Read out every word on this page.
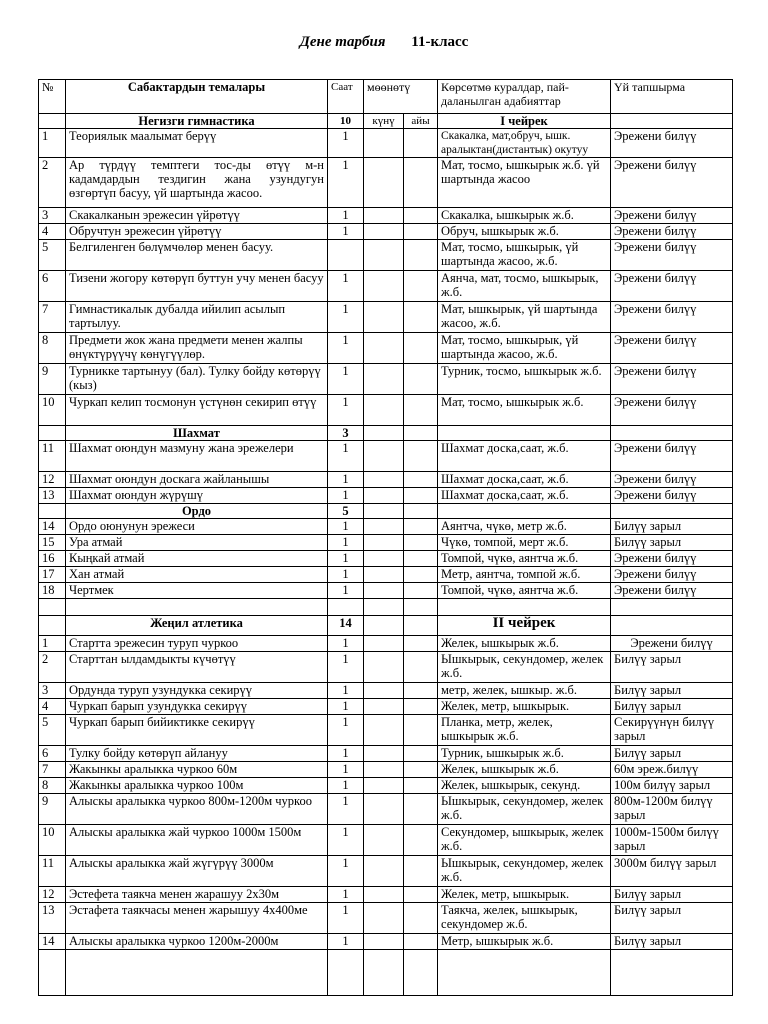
Дене тарбия 11-класс
№	Сабактардын темалары	Саат	мөөнөтү		Көрсөтмө куралдар, пай-даланылган адабияттар	Үй тапшырма
	Негизги гимнастика	10	күнү	айы	I чейрек	
1	Теориялык маалымат берүү	1			Скакалка, мат,обруч, ышк. аралыктан(дистантык) окутуу	Эрежени билүү
2	Ар түрдүү темптеги тос-ды өтүү м-н кадамдардын тездигин жана узундугун өзгөртүп басуу, үй шартында жасоо.	1			Мат, тосмо, ышкырык ж.б. үй шартында жасоо	Эрежени билүү
3	Скакалканын эрежесин үйрөтүү	1			Скакалка, ышкырык ж.б.	Эрежени билүү
4	Обручтун эрежесин үйрөтүү	1			Обруч, ышкырык ж.б.	Эрежени билүү
5	Белгиленген бөлүмчөлөр менен басуу.				Мат, тосмо, ышкырык, үй шартында жасоо, ж.б.	Эрежени билүү
6	Тизени жогору көтөрүп буттун учу менен басуу	1			Аянча, мат, тосмо, ышкырык, ж.б.	Эрежени билүү
7	Гимнастикалык дубалда ийилип асылып тартылуу.	1			Мат, ышкырык, үй шартында жасоо, ж.б.	Эрежени билүү
8	Предмети жок жана предмети менен жалпы өнүктүрүүчү көнүгүүлөр.	1			Мат, тосмо, ышкырык, үй шартында жасоо, ж.б.	Эрежени билүү
9	Турникке тартынуу (бал). Тулку бойду көтөрүү (кыз)	1			Турник, тосмо, ышкырык ж.б.	Эрежени билүү
10	Чуркап келип тосмонун үстүнөн секирип өтүү	1			Мат, тосмо, ышкырык ж.б.	Эрежени билүү
	Шахмат	3				
11	Шахмат оюндун мазмуну жана эрежелери	1			Шахмат доска,саат, ж.б.	Эрежени билүү
12	Шахмат оюндун доскага жайланышы	1			Шахмат доска,саат, ж.б.	Эрежени билүү
13	Шахмат оюндун жүрүшү	1			Шахмат доска,саат, ж.б.	Эрежени билүү
	Ордо	5				
14	Ордо оюнунун эрежеси	1			Аянтча, чүкө, метр ж.б.	Билүү зарыл
15	Ура атмай	1			Чүкө, томпой, мерт ж.б.	Билүү зарыл
16	Кыңкай атмай	1			Томпой, чүкө, аянтча ж.б.	Эрежени билүү
17	Хан атмай	1			Метр, аянтча, томпой ж.б.	Эрежени билүү
18	Чертмек	1			Томпой, чүкө, аянтча ж.б.	Эрежени билүү

	Жеңил атлетика	14			II чейрек	
1	Стартта эрежесин туруп чуркоо	1			Желек, ышкырык ж.б.	Эрежени билүү
2	Старттан ылдамдыкты күчөтүү	1			Ышкырык, секундомер, желек ж.б.	Билүү зарыл
3	Ордунда туруп узундукка секирүү	1			метр, желек, ышкыр. ж.б.	Билүү зарыл
4	Чуркап барып узундукка секирүү	1			Желек, метр, ышкырык.	Билүү зарыл
5	Чуркап барып бийиктикке секирүү	1			Планка, метр, желек, ышкырык ж.б.	Секирүүнүн билүү зарыл
6	Тулку бойду көтөрүп айлануу	1			Турник, ышкырык ж.б.	Билүү зарыл
7	Жакынкы аралыкка чуркоо 60м	1			Желек, ышкырык ж.б.	60м эреж.билүү
8	Жакынкы аралыкка чуркоо 100м	1			Желек, ышкырык, секунд.	100м билүү зарыл
9	Алыскы аралыкка чуркоо 800м-1200м чуркоо	1			Ышкырык, секундомер, желек ж.б.	800м-1200м билүү зарыл
10	Алыскы аралыкка жай чуркоо 1000м 1500м	1			Секундомер, ышкырык, желек ж.б.	1000м-1500м билүү зарыл
11	Алыскы аралыкка жай жүгүрүү 3000м	1			Ышкырык, секундомер, желек ж.б.	3000м билүү зарыл
12	Эстефета таякча менен жарашуу 2х30м	1			Желек, метр, ышкырык.	Билүү зарыл
13	Эстафета таякчасы менен жарышуу 4х400ме	1			Таякча, желек, ышкырык, секундомер ж.б.	Билүү зарыл
14	Алыскы аралыкка чуркоо 1200м-2000м	1			Метр, ышкырык ж.б.	Билүү зарыл
